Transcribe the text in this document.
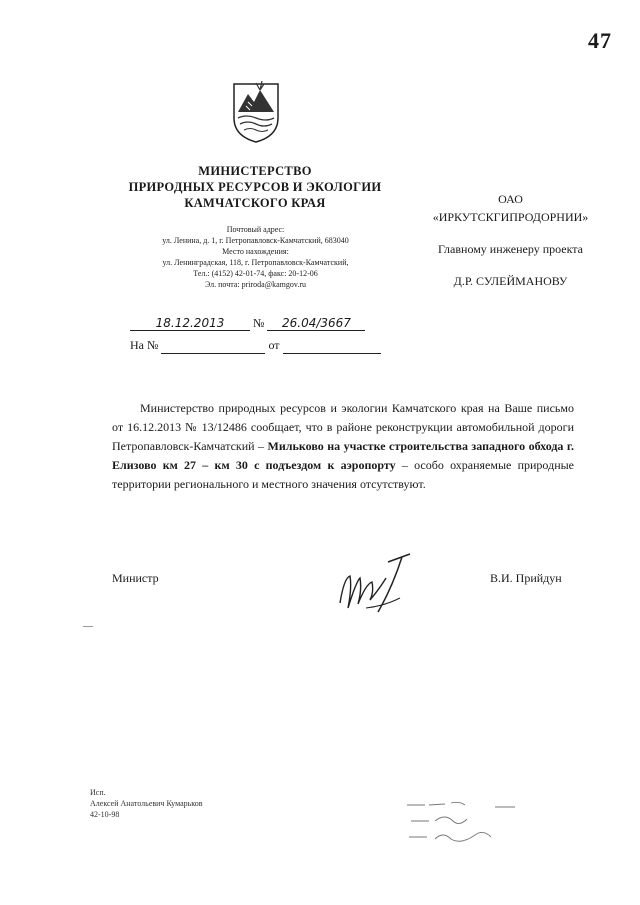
47
МИНИСТЕРСТВО
ПРИРОДНЫХ РЕСУРСОВ И ЭКОЛОГИИ
КАМЧАТСКОГО КРАЯ
Почтовый адрес:
ул. Ленина, д. 1, г. Петропавловск-Камчатский, 683040
Место нахождения:
ул. Ленинградская, 118, г. Петропавловск-Камчатский,
Тел.: (4152) 42-01-74, факс: 20-12-06
Эл. почта: priroda@kamgov.ru
18.12.2013 № 26.04/3667
На №	от
ОАО
«ИРКУТСКГИПРОДОРНИИ»
Главному инженеру проекта
Д.Р. СУЛЕЙМАНОВУ
Министерство природных ресурсов и экологии Камчатского края на Ваше письмо от 16.12.2013 № 13/12486 сообщает, что в районе реконструкции автомобильной дороги Петропавловск-Камчатский – Мильково на участке строительства западного обхода г. Елизово км 27 – км 30 с подъездом к аэропорту – особо охраняемые природные территории регионального и местного значения отсутствуют.
Министр	В.И. Прийдун
Исп.
Алексей Анатольевич Кумарьков
42-10-98
